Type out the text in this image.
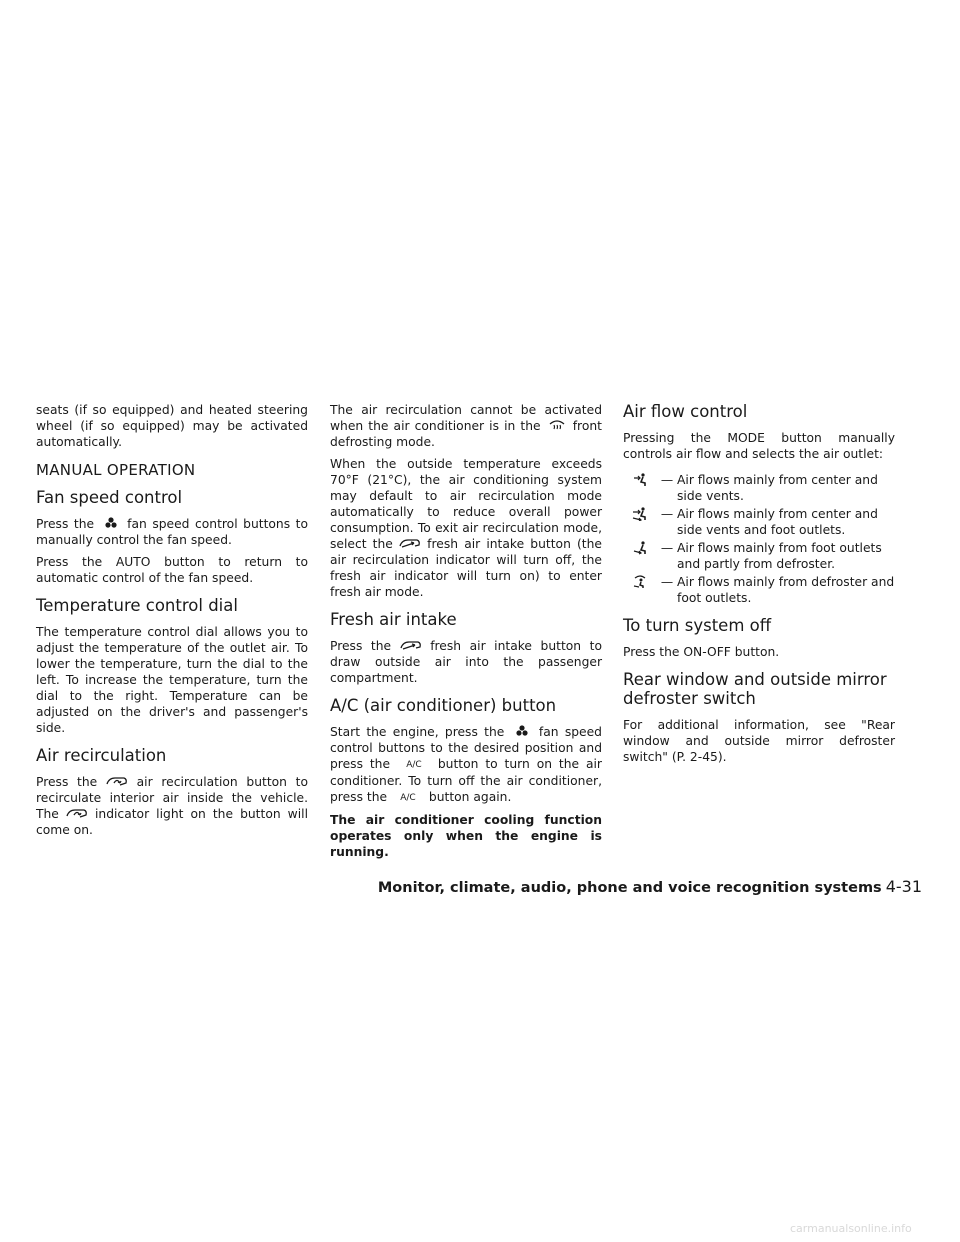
seats (if so equipped) and heated steering wheel (if so equipped) may be activated automatically.

MANUAL OPERATION
Fan speed control

Press the	fan speed control buttons to manually control the fan speed.

Press the AUTO button to return to automatic control of the fan speed.

Temperature control dial

The temperature control dial allows you to adjust the temperature of the outlet air. To lower the temperature, turn the dial to the left. To increase the temperature, turn the dial to the right. Temperature can be adjusted on the driver's and passenger's side.

Air recirculation

Press the	air recirculation button to recirculate interior air inside the vehicle. The	indicator light on the button will come on.

The air recirculation cannot be activated when the air conditioner is in the	front defrosting mode.

When the outside temperature exceeds 70°F (21°C), the air conditioning system may default to air recirculation mode automatically to reduce overall power consumption. To exit air recirculation mode, select the	fresh air intake button (the air recirculation indicator will turn off, the fresh air indicator will turn on) to enter fresh air mode.

Fresh air intake

Press the	fresh air intake button to draw outside air into the passenger compartment.

A/C (air conditioner) button

Start the engine, press the	fan speed control buttons to the desired position and press the A/C button to turn on the air conditioner. To turn off the air conditioner, press the A/C button again.

The air conditioner cooling function operates only when the engine is running.

Air flow control

Pressing the MODE button manually controls air flow and selects the air outlet:

— Air flows mainly from center and side vents.
— Air flows mainly from center and side vents and foot outlets.
— Air flows mainly from foot outlets and partly from defroster.
— Air flows mainly from defroster and foot outlets.
To turn system off

Press the ON-OFF button.

Rear window and outside mirror defroster switch

For additional information, see "Rear window and outside mirror defroster switch" (P. 2-45).

Monitor, climate, audio, phone and voice recognition systems 4-31
carmanualsonline.info
